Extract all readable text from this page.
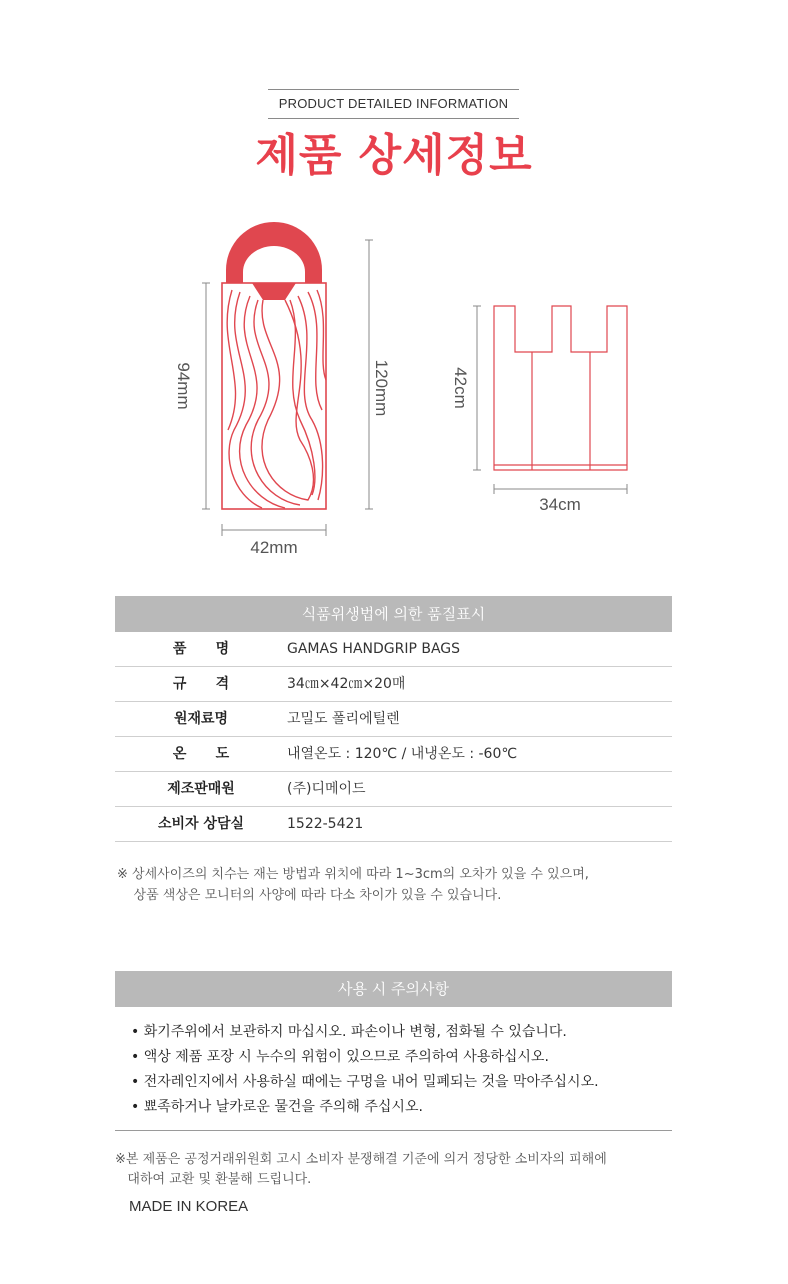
PRODUCT DETAILED INFORMATION
제품 상세정보
94mm	120mm
42mm
42cm
34cm
식품위생법에 의한 품질표시
품      명	GAMAS HANDGRIP BAGS
규      격	34㎝×42㎝×20매
원재료명	고밀도 폴리에틸렌
온      도	내열온도 : 120℃ / 내냉온도 : -60℃
제조판매원	(주)디메이드
소비자 상담실	1522-5421
※ 상세사이즈의 치수는 재는 방법과 위치에 따라 1~3cm의 오차가 있을 수 있으며,
상품 색상은 모니터의 사양에 따라 다소 차이가 있을 수 있습니다.
사용 시 주의사항
• 화기주위에서 보관하지 마십시오. 파손이나 변형, 점화될 수 있습니다.
• 액상 제품 포장 시 누수의 위험이 있으므로 주의하여 사용하십시오.
• 전자레인지에서 사용하실 때에는 구멍을 내어 밀폐되는 것을 막아주십시오.
• 뾰족하거나 날카로운 물건을 주의해 주십시오.
※본 제품은 공정거래위원회 고시 소비자 분쟁해결 기준에 의거 정당한 소비자의 피해에
대하여 교환 및 환불해 드립니다.
MADE IN KOREA
